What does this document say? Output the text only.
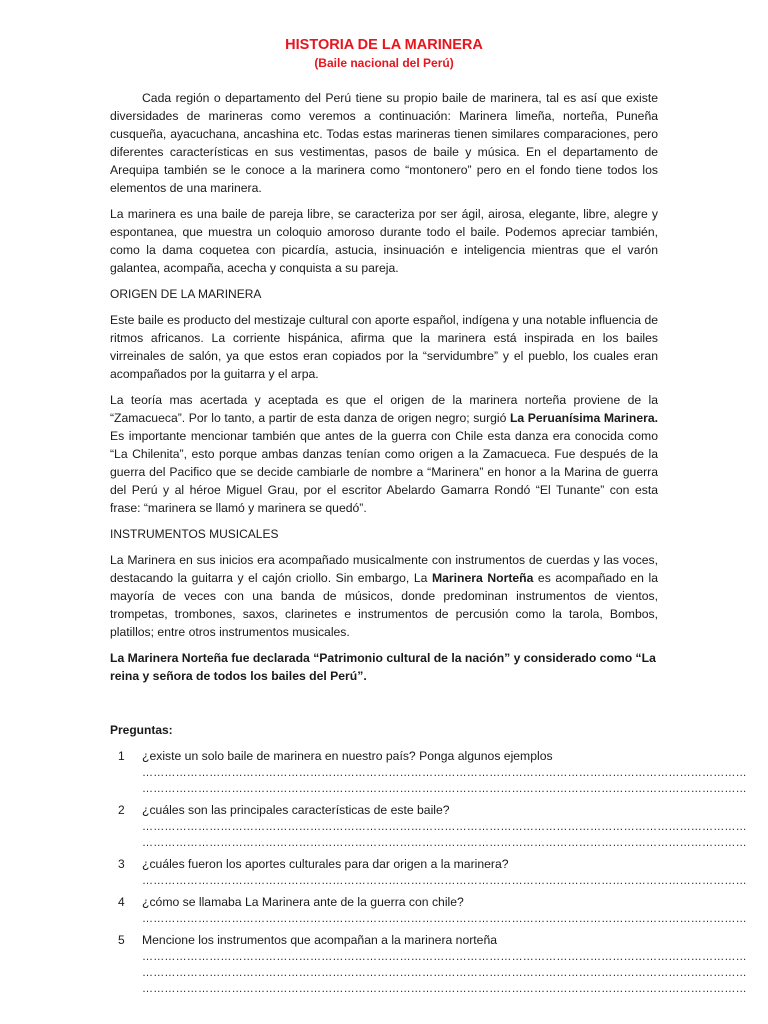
HISTORIA DE LA MARINERA

(Baile nacional del Perú)

Cada región o departamento del Perú tiene su propio baile de marinera, tal es así que existe diversidades de marineras como veremos a continuación: Marinera limeña, norteña, Puneña cusqueña, ayacuchana, ancashina etc. Todas estas marineras tienen similares comparaciones, pero diferentes características en sus vestimentas, pasos de baile y música. En el departamento de Arequipa también se le conoce a la marinera como “montonero” pero en el fondo tiene todos los elementos de una marinera.

La marinera es una baile de pareja libre, se caracteriza por ser ágil, airosa, elegante, libre, alegre y espontanea, que muestra un coloquio amoroso durante todo el baile. Podemos apreciar también, como la dama coquetea con picardía, astucia, insinuación e inteligencia mientras que el varón galantea, acompaña, acecha y conquista a su pareja.

ORIGEN DE LA MARINERA

Este baile es producto del mestizaje cultural con aporte español, indígena y una notable influencia de ritmos africanos. La corriente hispánica, afirma que la marinera está inspirada en los bailes virreinales de salón, ya que estos eran copiados por la “servidumbre” y el pueblo, los cuales eran acompañados por la guitarra y el arpa.

La teoría mas acertada y aceptada es que el origen de la marinera norteña proviene de la “Zamacueca”. Por lo tanto, a partir de esta danza de origen negro; surgió La Peruanísima Marinera. Es importante mencionar también que antes de la guerra con Chile esta danza era conocida como “La Chilenita”, esto porque ambas danzas tenían como origen a la Zamacueca. Fue después de la guerra del Pacifico que se decide cambiarle de nombre a “Marinera” en honor a la Marina de guerra del Perú y al héroe Miguel Grau, por el escritor Abelardo Gamarra Rondó “El Tunante” con esta frase: “marinera se llamó y marinera se quedó”.

INSTRUMENTOS MUSICALES

La Marinera en sus inicios era acompañado musicalmente con instrumentos de cuerdas y las voces, destacando la guitarra y el cajón criollo. Sin embargo, La Marinera Norteña es acompañado en la mayoría de veces con una banda de músicos, donde predominan instrumentos de vientos, trompetas, trombones, saxos, clarinetes e instrumentos de percusión como la tarola, Bombos, platillos; entre otros instrumentos musicales.

La Marinera Norteña fue declarada “Patrimonio cultural de la nación” y considerado como “La reina y señora de todos los bailes del Perú”.

Preguntas:

1	¿existe un solo baile de marinera en nuestro país? Ponga algunos ejemplos
………………………………………………………………………………………………………………………………………………
………………………………………………………………………………………………………………………………………………
2	¿cuáles son las principales características de este baile?
………………………………………………………………………………………………………………………………………………
………………………………………………………………………………………………………………………………………………
3	¿cuáles fueron los aportes culturales para dar origen a la marinera?
………………………………………………………………………………………………………………………………………………
4	¿cómo se llamaba La Marinera ante de la guerra con chile?
………………………………………………………………………………………………………………………………………………
5	Mencione los instrumentos que acompañan a la marinera norteña
………………………………………………………………………………………………………………………………………………
………………………………………………………………………………………………………………………………………………
………………………………………………………………………………………………………………………………………………
